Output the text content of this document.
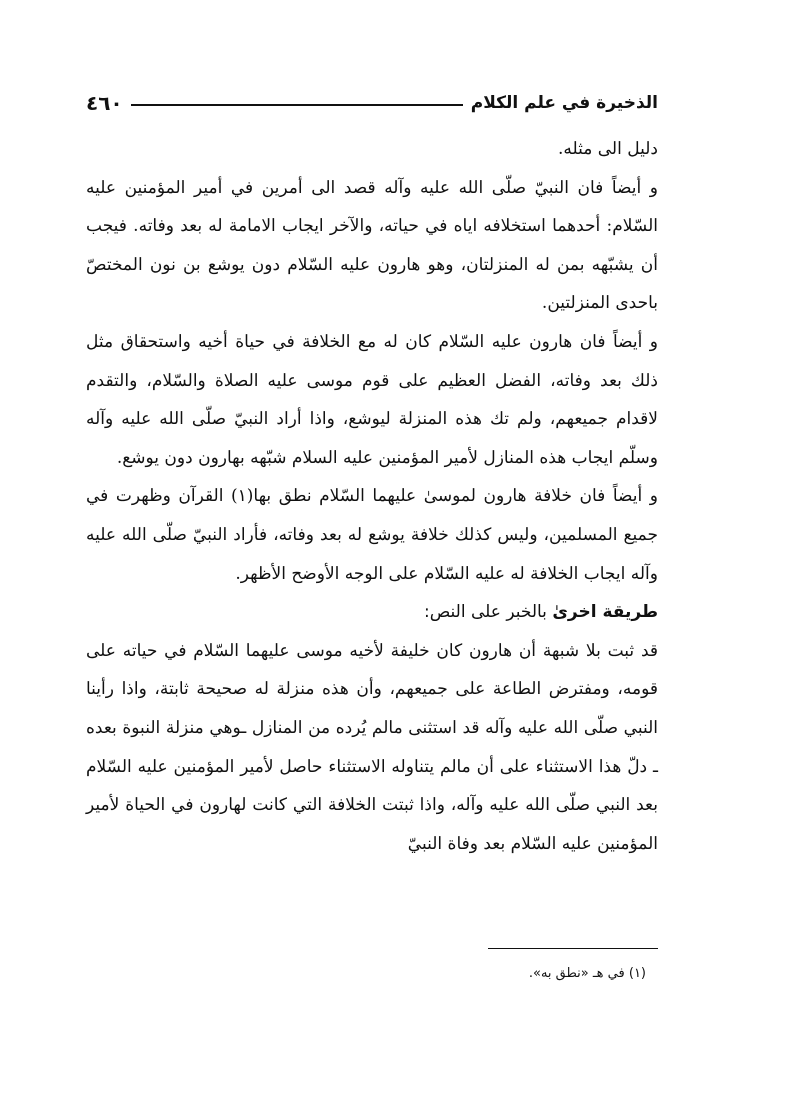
الذخيرة في علم الكلام
٤٦٠

دليل الى مثله.

و أيضاً فان النبيّ صلّى الله عليه وآله قصد الى أمرين في أمير المؤمنين عليه السّلام: أحدهما استخلافه اياه في حياته، والآخر ايجاب الامامة له بعد وفاته. فيجب أن يشبّهه بمن له المنزلتان، وهو هارون عليه السّلام دون يوشع بن نون المختصّ باحدى المنزلتين.

و أيضاً فان هارون عليه السّلام كان له مع الخلافة في حياة أخيه واستحقاق مثل ذلك بعد وفاته، الفضل العظيم على قوم موسى عليه الصلاة والسّلام، والتقدم لاقدام جميعهم، ولم تك هذه المنزلة ليوشع، واذا أراد النبيّ صلّى الله عليه وآله وسلّم ايجاب هذه المنازل لأمير المؤمنين عليه السلام شبّهه بهارون دون يوشع.

و أيضاً فان خلافة هارون لموسىٰ عليهما السّلام نطق بها(١) القرآن وظهرت في جميع المسلمين، وليس كذلك خلافة يوشع له بعد وفاته، فأراد النبيّ صلّى الله عليه وآله ايجاب الخلافة له عليه السّلام على الوجه الأوضح الأظهر.

طريقة اخرىٰ بالخبر على النص:

قد ثبت بلا شبهة أن هارون كان خليفة لأخيه موسى عليهما السّلام في حياته على قومه، ومفترض الطاعة على جميعهم، وأن هذه منزلة له صحيحة ثابتة، واذا رأينا النبي صلّى الله عليه وآله قد استثنى مالم يُرده من المنازل ـوهي منزلة النبوة بعده ـ دلّ هذا الاستثناء على أن مالم يتناوله الاستثناء حاصل لأمير المؤمنين عليه السّلام بعد النبي صلّى الله عليه وآله، واذا ثبتت الخلافة التي كانت لهارون في الحياة لأمير المؤمنين عليه السّلام بعد وفاة النبيّ

(١) في هـ «نطق به».
